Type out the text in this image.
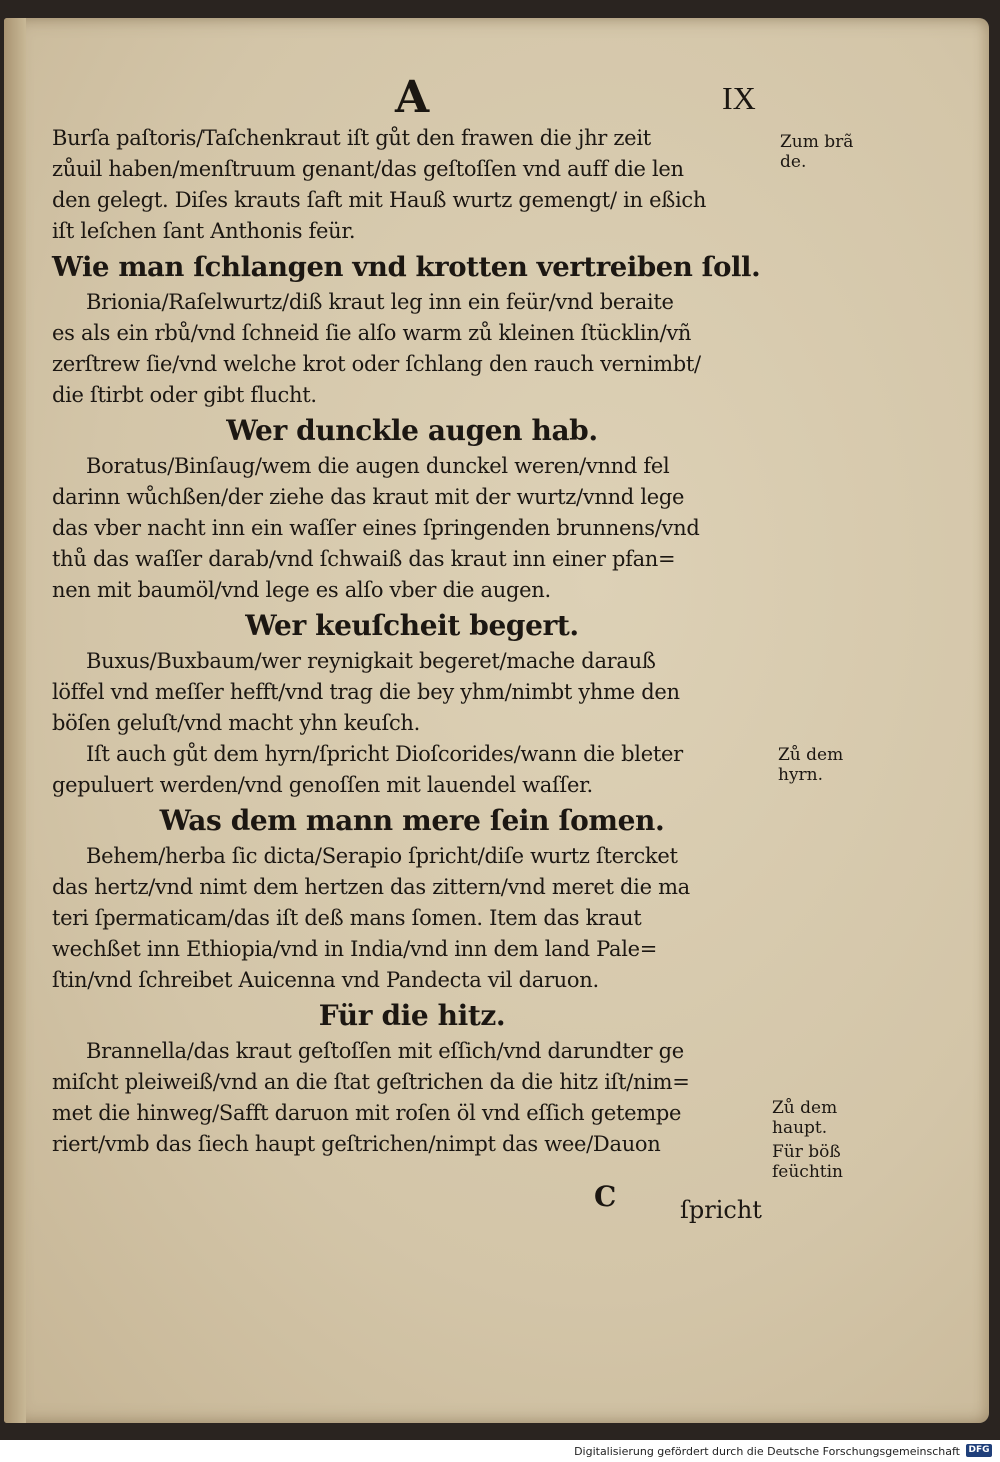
A	IX
Burſa paſtoris/Taſchenkraut iſt gůt den frawen die jhr zeit
zůuil haben/menſtruum genant/das geſtoſſen vnd auff die len
den gelegt. Diſes krauts ſaft mit Hauß wurtz gemengt/ in eßich
iſt leſchen ſant Anthonis feür.
Wie man ſchlangen vnd krotten vertreiben ſoll.
Brionia/Raſelwurtz/diß kraut leg inn ein feür/vnd beraite
es als ein rbů/vnd ſchneid ſie alſo warm zů kleinen ſtücklin/vñ
zerſtrew ſie/vnd welche krot oder ſchlang den rauch vernimbt/
die ſtirbt oder gibt flucht.
Wer dunckle augen hab.
Boratus/Binſaug/wem die augen dunckel weren/vnnd fel
darinn wůchßen/der ziehe das kraut mit der wurtz/vnnd lege
das vber nacht inn ein waſſer eines ſpringenden brunnens/vnd
thů das waſſer darab/vnd ſchwaiß das kraut inn einer pfan=
nen mit baumöl/vnd lege es alſo vber die augen.
Wer keuſcheit begert.
Buxus/Buxbaum/wer reynigkait begeret/mache darauß
löffel vnd meſſer hefft/vnd trag die bey yhm/nimbt yhme den
böſen geluſt/vnd macht yhn keuſch.
Iſt auch gůt dem hyrn/ſpricht Dioſcorides/wann die bleter
gepuluert werden/vnd genoſſen mit lauendel waſſer.
Was dem mann mere ſein ſomen.
Behem/herba ſic dicta/Serapio ſpricht/diſe wurtz ſtercket
das hertz/vnd nimt dem hertzen das zittern/vnd meret die ma
teri ſpermaticam/das iſt deß mans ſomen. Item das kraut
wechßet inn Ethiopia/vnd in India/vnd inn dem land Pale=
ſtin/vnd ſchreibet Auicenna vnd Pandecta vil daruon.
Für die hitz.
Brannella/das kraut geſtoſſen mit eſſich/vnd darundter ge
miſcht pleiweiß/vnd an die ſtat geſtrichen da die hitz iſt/nim=
met die hinweg/Safft daruon mit roſen öl vnd eſſich getempe
riert/vmb das ſiech haupt geſtrichen/nimpt das wee/Dauon
Zum brã
de.
Zů dem
hyrn.
Zů dem
haupt.
Für böß
feüchtin
C	ſpricht
Digitalisierung gefördert durch die Deutsche Forschungsgemeinschaft DFG
